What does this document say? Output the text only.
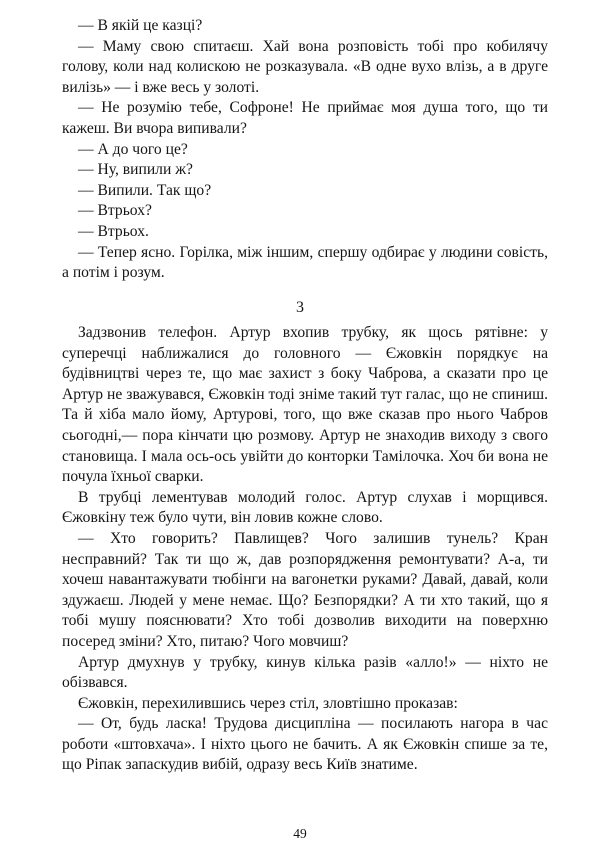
— В якій це казці?

— Маму свою спитаєш. Хай вона розповість тобі про кобилячу голову, коли над колискою не розказувала. «В одне вухо влізь, а в друге вилізь» — і вже весь у золоті.

— Не розумію тебе, Софроне! Не приймає моя душа того, що ти кажеш. Ви вчора випивали?

— А до чого це?

— Ну, випили ж?

— Випили. Так що?

— Втрьох?

— Втрьох.

— Тепер ясно. Горілка, між іншим, спершу одбирає у людини совість, а потім і розум.

3

Задзвонив телефон. Артур вхопив трубку, як щось рятівне: у суперечці наближалися до головного — Єжовкін порядкує на будівництві через те, що має захист з боку Чаброва, а сказати про це Артур не зважувався, Єжовкін тоді зніме такий тут галас, що не спиниш. Та й хіба мало йому, Артурові, того, що вже сказав про нього Чабров сьогодні,— пора кінчати цю розмову. Артур не знаходив виходу з свого становища. І мала ось-ось увійти до конторки Тамілочка. Хоч би вона не почула їхньої сварки.

В трубці лементував молодий голос. Артур слухав і морщився. Єжовкіну теж було чути, він ловив кожне слово.

— Хто говорить? Павлищев? Чого залишив тунель? Кран несправний? Так ти що ж, дав розпорядження ремонтувати? А-а, ти хочеш навантажувати тюбінги на вагонетки руками? Давай, давай, коли здужаєш. Людей у мене немає. Що? Безпорядки? А ти хто такий, що я тобі мушу пояснювати? Хто тобі дозволив виходити на поверхню посеред зміни? Хто, питаю? Чого мовчиш?

Артур дмухнув у трубку, кинув кілька разів «алло!» — ніхто не обізвався.

Єжовкін, перехилившись через стіл, зловтішно проказав:

— От, будь ласка! Трудова дисципліна — посилають нагора в час роботи «штовхача». І ніхто цього не бачить. А як Єжовкін спише за те, що Ріпак запаскудив вибій, одразу весь Київ знатиме.

49
